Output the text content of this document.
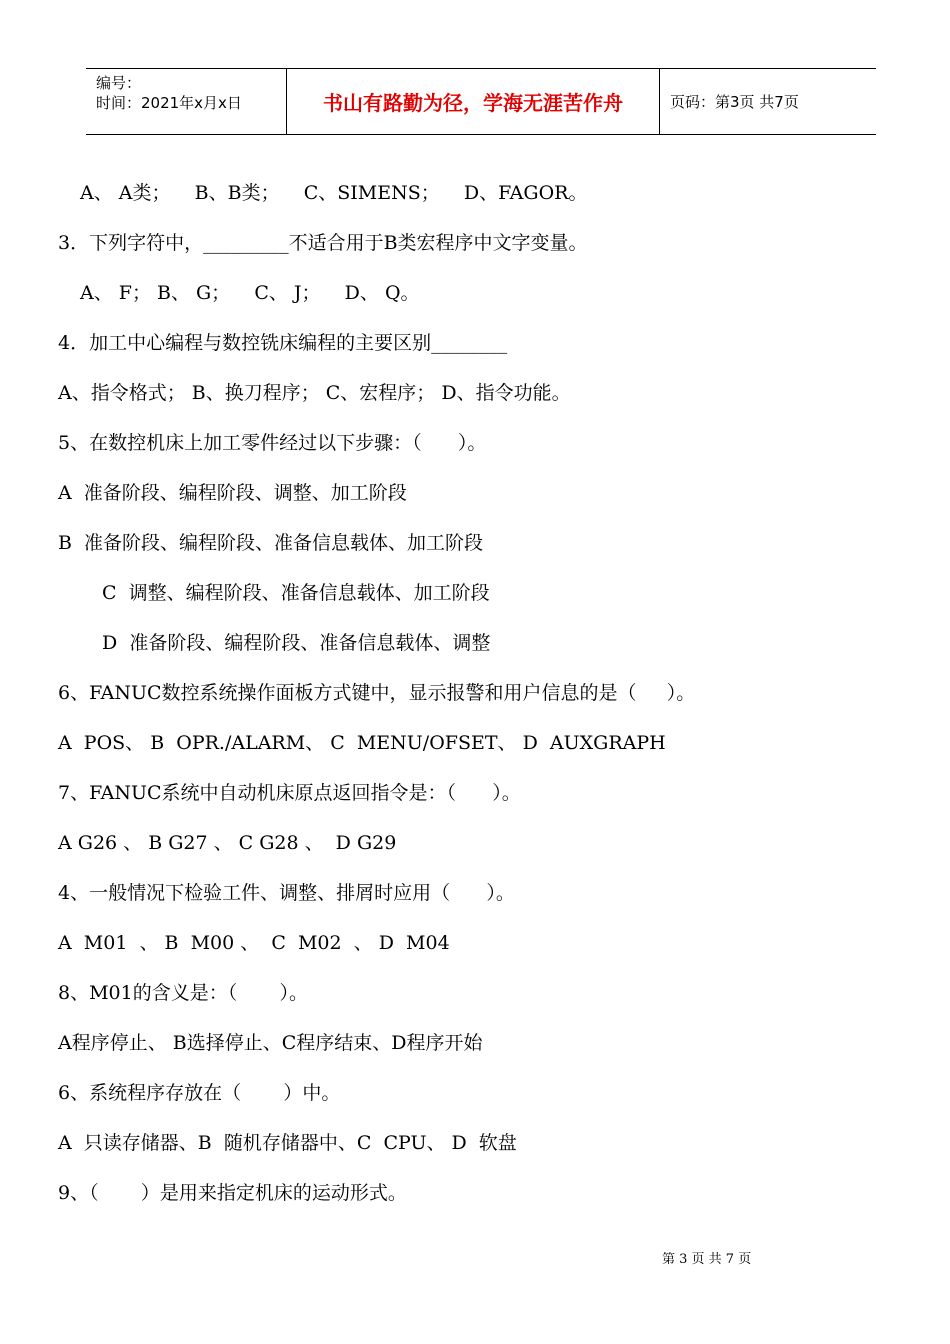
编号：
时间：2021年x月x日	书山有路勤为径，学海无涯苦作舟	页码：第3页 共7页
A、 A类；    B、B类；    C、SIMENS；    D、FAGOR。
3．下列字符中，_________不适合用于B类宏程序中文字变量。
A、 F； B、 G；    C、 J；    D、 Q。
4．加工中心编程与数控铣床编程的主要区别________
A、指令格式； B、换刀程序； C、宏程序； D、指令功能。
5、在数控机床上加工零件经过以下步骤：（      ）。
A  准备阶段、编程阶段、调整、加工阶段
B  准备阶段、编程阶段、准备信息载体、加工阶段
C  调整、编程阶段、准备信息载体、加工阶段
D  准备阶段、编程阶段、准备信息载体、调整
6、FANUC数控系统操作面板方式键中，显示报警和用户信息的是（     ）。
A  POS、 B  OPR./ALARM、 C  MENU/OFSET、 D  AUXGRAPH
7、FANUC系统中自动机床原点返回指令是：（      ）。
A G26 、 B G27 、 C G28 、  D G29
4、一般情况下检验工件、调整、排屑时应用（      ）。
A  M01  、 B  M00 、  C  M02  、 D  M04
8、M01的含义是：（       ）。
A程序停止、 B选择停止、C程序结束、D程序开始
6、系统程序存放在（       ）中。
A  只读存储器、B  随机存储器中、C  CPU、 D  软盘
9、（       ）是用来指定机床的运动形式。
第 3 页 共 7 页
